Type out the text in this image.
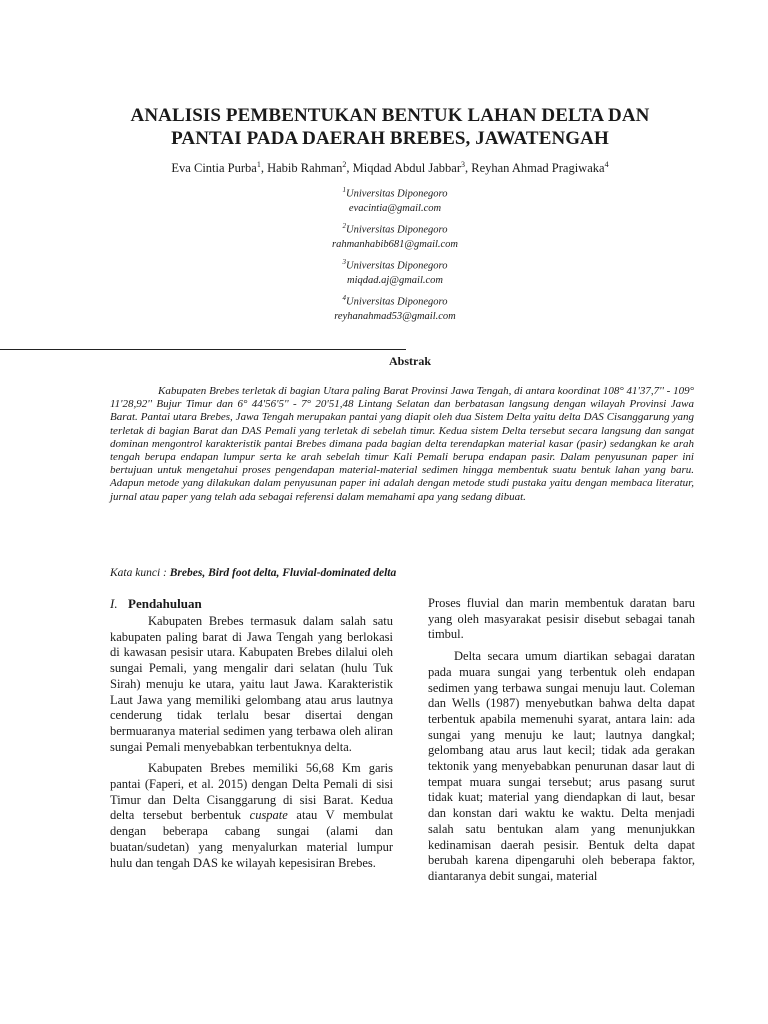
ANALISIS PEMBENTUKAN BENTUK LAHAN DELTA DAN
PANTAI PADA DAERAH BREBES, JAWATENGAH
Eva Cintia Purba$^1$, Habib Rahman$^2$, Miqdad Abdul Jabbar$^3$, Reyhan Ahmad Pragiwaka$^4$
$^1$Universitas Diponegoro
evacintia@gmail.com
$^2$Universitas Diponegoro
rahmanhabib681@gmail.com
$^3$Universitas Diponegoro
miqdad.aj@gmail.com
$^4$Universitas Diponegoro
reyhanahmad53@gmail.com
Abstrak
Kabupaten Brebes terletak di bagian Utara paling Barat Provinsi Jawa Tengah, di antara koordinat 108° 41'37,7'' - 109° 11'28,92'' Bujur Timur dan 6° 44'56'5'' - 7° 20'51,48 Lintang Selatan dan berbatasan langsung dengan wilayah Provinsi Jawa Barat. Pantai utara Brebes, Jawa Tengah merupakan pantai yang diapit oleh dua Sistem Delta yaitu delta DAS Cisanggarung yang terletak di bagian Barat dan DAS Pemali yang terletak di sebelah timur. Kedua sistem Delta tersebut secara langsung dan sangat dominan mengontrol karakteristik pantai Brebes dimana pada bagian delta terendapkan material kasar (pasir) sedangkan ke arah tengah berupa endapan lumpur serta ke arah sebelah timur Kali Pemali berupa endapan pasir. Dalam penyusunan paper ini bertujuan untuk mengetahui proses pengendapan material-material sedimen hingga membentuk suatu bentuk lahan yang baru. Adapun metode yang dilakukan dalam penyusunan paper ini adalah dengan metode studi pustaka yaitu dengan membaca literatur, jurnal atau paper yang telah ada sebagai referensi dalam memahami apa yang sedang dibuat.
Kata kunci : Brebes, Bird foot delta, Fluvial-dominated delta
I. Pendahuluan

Kabupaten Brebes termasuk dalam salah satu kabupaten paling barat di Jawa Tengah yang berlokasi di kawasan pesisir utara. Kabupaten Brebes dilalui oleh sungai Pemali, yang mengalir dari selatan (hulu Tuk Sirah) menuju ke utara, yaitu laut Jawa. Karakteristik Laut Jawa yang memiliki gelombang atau arus lautnya cenderung tidak terlalu besar disertai dengan bermuaranya material sedimen yang terbawa oleh aliran sungai Pemali menyebabkan terbentuknya delta.

Kabupaten Brebes memiliki 56,68 Km garis pantai (Faperi, et al. 2015) dengan Delta Pemali di sisi Timur dan Delta Cisanggarung di sisi Barat. Kedua delta tersebut berbentuk cuspate atau V membulat dengan beberapa cabang sungai (alami dan buatan/sudetan) yang menyalurkan material lumpur hulu dan tengah DAS ke wilayah kepesisiran Brebes.

Proses fluvial dan marin membentuk daratan baru yang oleh masyarakat pesisir disebut sebagai tanah timbul.

Delta secara umum diartikan sebagai daratan pada muara sungai yang terbentuk oleh endapan sedimen yang terbawa sungai menuju laut. Coleman dan Wells (1987) menyebutkan bahwa delta dapat terbentuk apabila memenuhi syarat, antara lain: ada sungai yang menuju ke laut; lautnya dangkal; gelombang atau arus laut kecil; tidak ada gerakan tektonik yang menyebabkan penurunan dasar laut di tempat muara sungai tersebut; arus pasang surut tidak kuat; material yang diendapkan di laut, besar dan konstan dari waktu ke waktu. Delta menjadi salah satu bentukan alam yang menunjukkan kedinamisan daerah pesisir. Bentuk delta dapat berubah karena dipengaruhi oleh beberapa faktor, diantaranya debit sungai, material
